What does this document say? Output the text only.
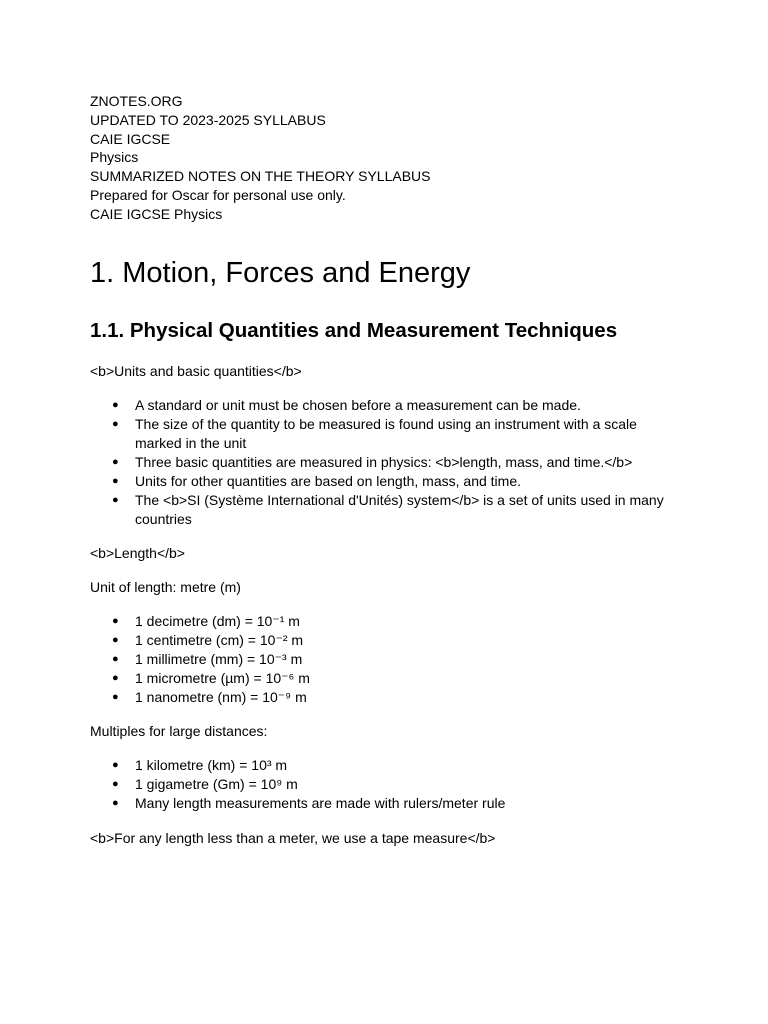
ZNOTES.ORG
UPDATED TO 2023-2025 SYLLABUS
CAIE IGCSE
Physics
SUMMARIZED NOTES ON THE THEORY SYLLABUS
Prepared for Oscar for personal use only.
CAIE IGCSE Physics
1. Motion, Forces and Energy
1.1. Physical Quantities and Measurement Techniques
<b>Units and basic quantities</b>
● A standard or unit must be chosen before a measurement can be made.
● The size of the quantity to be measured is found using an instrument with a scale marked in the unit
● Three basic quantities are measured in physics: <b>length, mass, and time.</b>
● Units for other quantities are based on length, mass, and time.
● The <b>SI (Système International d'Unités) system</b> is a set of units used in many countries
<b>Length</b>
Unit of length: metre (m)
● 1 decimetre (dm) = 10⁻¹ m
● 1 centimetre (cm) = 10⁻² m
● 1 millimetre (mm) = 10⁻³ m
● 1 micrometre (µm) = 10⁻⁶ m
● 1 nanometre (nm) = 10⁻⁹ m
Multiples for large distances:
● 1 kilometre (km) = 10³ m
● 1 gigametre (Gm) = 10⁹ m
● Many length measurements are made with rulers/meter rule
<b>For any length less than a meter, we use a tape measure</b>
